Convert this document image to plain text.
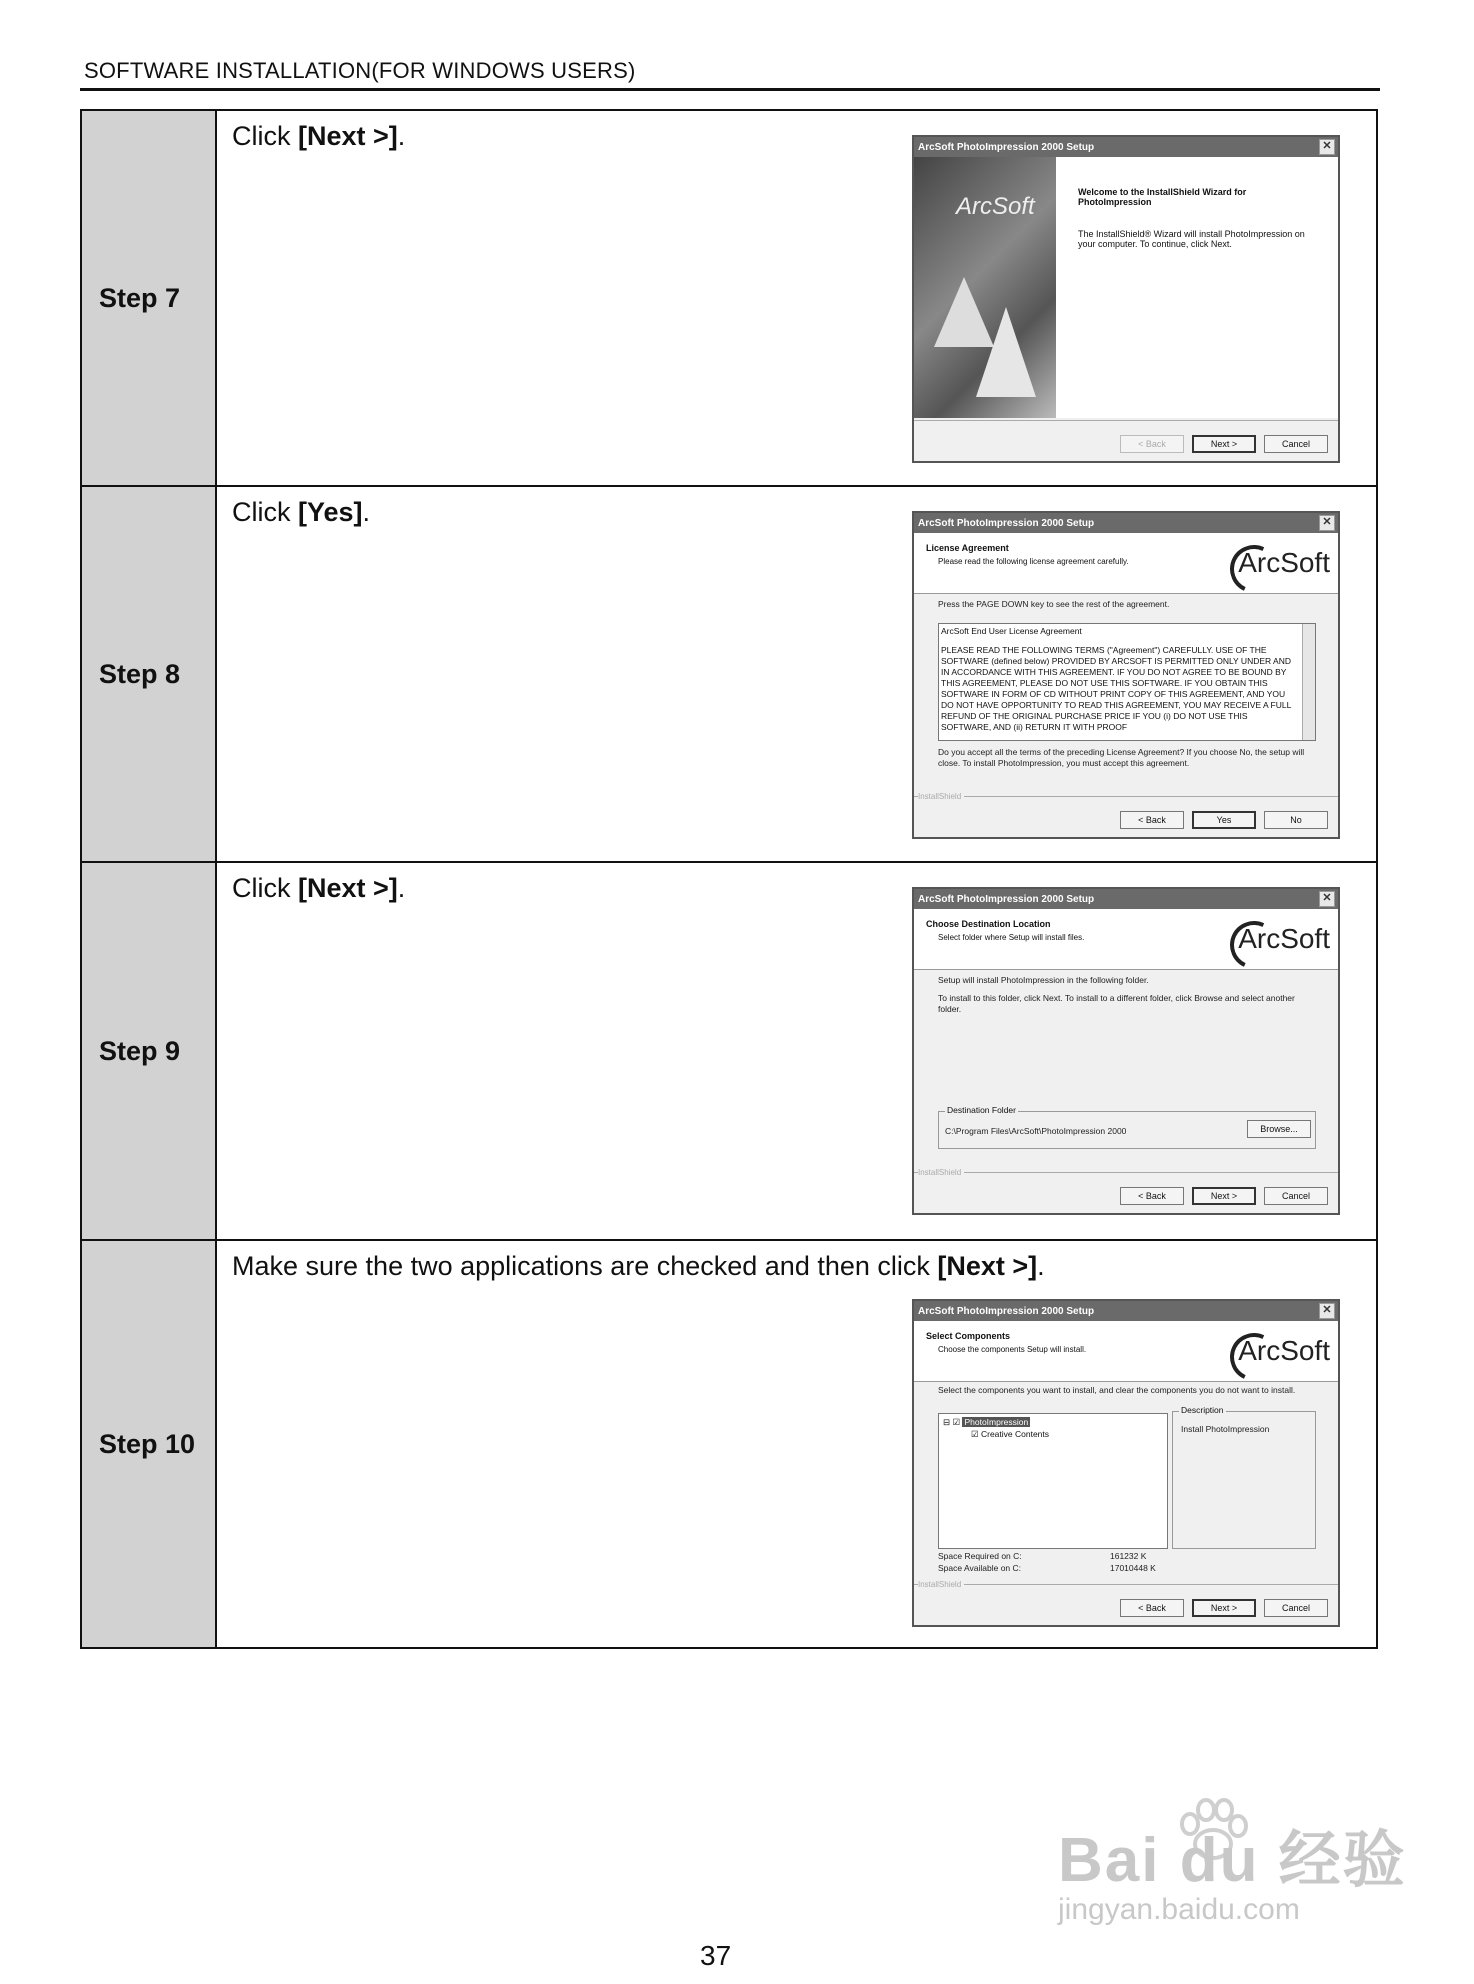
SOFTWARE INSTALLATION(FOR WINDOWS USERS)
Step 7
Click [Next >].	ArcSoft PhotoImpression 2000 Setup	✕
ArcSoft
Welcome to the InstallShield Wizard for PhotoImpression
The InstallShield® Wizard will install PhotoImpression on your computer. To continue, click Next.
< Back	Next >	Cancel
Step 8
Click [Yes].	ArcSoft PhotoImpression 2000 Setup	✕
License Agreement
Please read the following license agreement carefully.	ArcSoft
Press the PAGE DOWN key to see the rest of the agreement.
ArcSoft End User License Agreement
PLEASE READ THE FOLLOWING TERMS ("Agreement") CAREFULLY. USE OF THE SOFTWARE (defined below) PROVIDED BY ARCSOFT IS PERMITTED ONLY UNDER AND IN ACCORDANCE WITH THIS AGREEMENT. IF YOU DO NOT AGREE TO BE BOUND BY THIS AGREEMENT, PLEASE DO NOT USE THIS SOFTWARE. IF YOU OBTAIN THIS SOFTWARE IN FORM OF CD WITHOUT PRINT COPY OF THIS AGREEMENT, AND YOU DO NOT HAVE OPPORTUNITY TO READ THIS AGREEMENT, YOU MAY RECEIVE A FULL REFUND OF THE ORIGINAL PURCHASE PRICE IF YOU (i) DO NOT USE THIS SOFTWARE, AND (ii) RETURN IT WITH PROOF
Do you accept all the terms of the preceding License Agreement? If you choose No, the setup will close. To install PhotoImpression, you must accept this agreement.
InstallShield
< Back	Yes	No
Step 9
Click [Next >].	ArcSoft PhotoImpression 2000 Setup	✕
Choose Destination Location
Select folder where Setup will install files.	ArcSoft
Setup will install PhotoImpression in the following folder.
To install to this folder, click Next. To install to a different folder, click Browse and select another folder.
Destination Folder
C:\Program Files\ArcSoft\PhotoImpression 2000	Browse...
InstallShield
< Back	Next >	Cancel
Step 10
Make sure the two applications are checked and then click [Next >].
ArcSoft PhotoImpression 2000 Setup	✕
Select Components
Choose the components Setup will install.	ArcSoft
Select the components you want to install, and clear the components you do not want to install.
⊟ ☑ PhotoImpression
☑ Creative Contents
Description
Install PhotoImpression
Space Required on C:	161232 K
Space Available on C:	17010448 K
InstallShield
< Back	Next >	Cancel
Bai du 经验
jingyan.baidu.com
37
